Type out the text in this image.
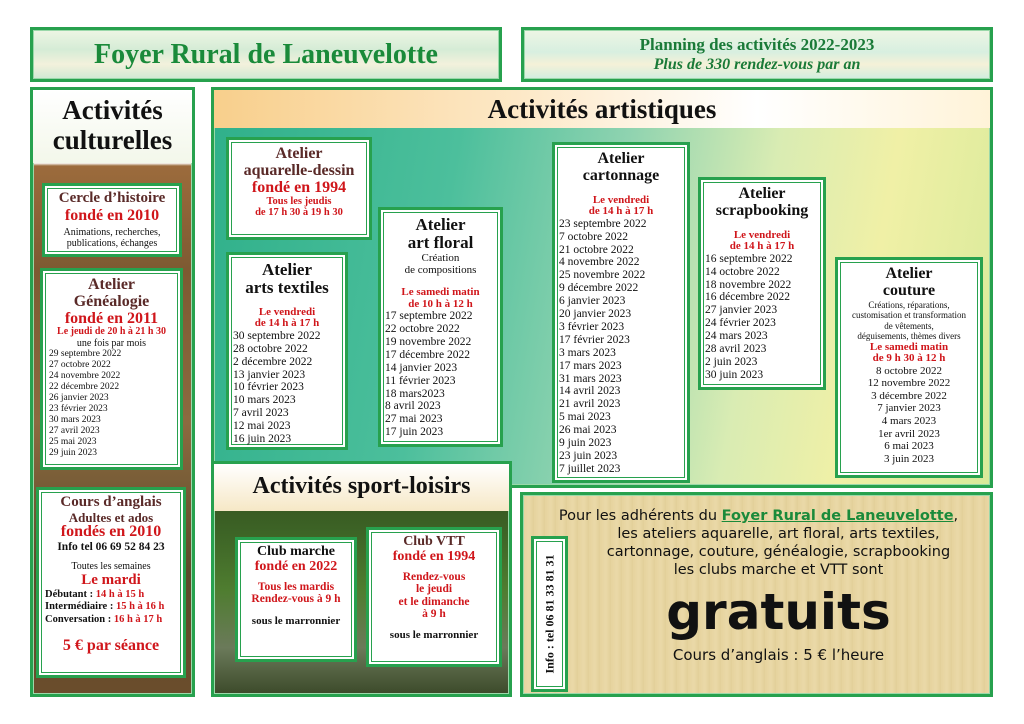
Foyer Rural de Laneuvelotte	Planning des activités 2022-2023
Plus de 330 rendez-vous par an
Activités
culturelles
Cercle d’histoire
fondé en 2010
Animations, recherches,
publications, échanges
Atelier
Généalogie
fondé en 2011
Le jeudi de 20 h à 21 h 30
une fois par mois
29 septembre 2022
27 octobre 2022
24 novembre 2022
22 décembre 2022
26 janvier 2023
23 février 2023
30 mars 2023
27 avril 2023
25 mai 2023
29 juin 2023
Cours d’anglais
Adultes et ados
fondés en 2010
Info tel 06 69 52 84 23
Toutes les semaines
Le mardi
Débutant : 14 h à 15 h
Intermédiaire : 15 h à 16 h
Conversation : 16 h à 17 h
5 € par séance
Activités artistiques
Atelier
aquarelle-dessin
fondé en 1994
Tous les jeudis
de 17 h 30 à 19 h 30
Atelier
arts textiles
Le vendredi
de 14 h à 17 h
30 septembre 2022
28 octobre 2022
2 décembre 2022
13 janvier 2023
10 février 2023
10 mars 2023
7 avril 2023
12 mai 2023
16 juin 2023
Atelier
art floral
Création
de compositions
Le samedi matin
de 10 h à 12 h
17 septembre 2022
22 octobre 2022
19 novembre 2022
17 décembre 2022
14 janvier 2023
11 février 2023
18 mars2023
8 avril 2023
27 mai 2023
17 juin 2023
Atelier
cartonnage
Le vendredi
de 14 h à 17 h
23 septembre 2022
7 octobre 2022
21 octobre 2022
4 novembre 2022
25 novembre 2022
9 décembre 2022
6 janvier 2023
20 janvier 2023
3 février 2023
17 février 2023
3 mars 2023
17 mars 2023
31 mars 2023
14 avril 2023
21 avril 2023
5 mai 2023
26 mai 2023
9 juin 2023
23 juin 2023
7 juillet 2023
Atelier
scrapbooking
Le vendredi
de 14 h à 17 h
16 septembre 2022
14 octobre 2022
18 novembre 2022
16 décembre 2022
27 janvier 2023
24 février 2023
24 mars 2023
28 avril 2023
2 juin 2023
30 juin 2023
Atelier
couture
Créations, réparations,
customisation et transformation
de vêtements,
déguisements, thèmes divers
Le samedi matin
de 9 h 30 à 12 h
8 octobre 2022
12 novembre 2022
3 décembre 2022
7 janvier 2023
4 mars 2023
1er avril 2023
6 mai 2023
3 juin 2023
Activités sport-loisirs
Club marche
fondé en 2022
Tous les mardis
Rendez-vous à 9 h
sous le marronnier
Club VTT
fondé en 1994
Rendez-vous
le jeudi
et le dimanche
à 9 h
sous le marronnier
Pour les adhérents du Foyer Rural de Laneuvelotte,
les ateliers aquarelle, art floral, arts textiles,
cartonnage, couture, généalogie, scrapbooking
les clubs marche et VTT sont
gratuits
Cours d’anglais : 5 € l’heure
Info : tel 06 81 33 81 31
